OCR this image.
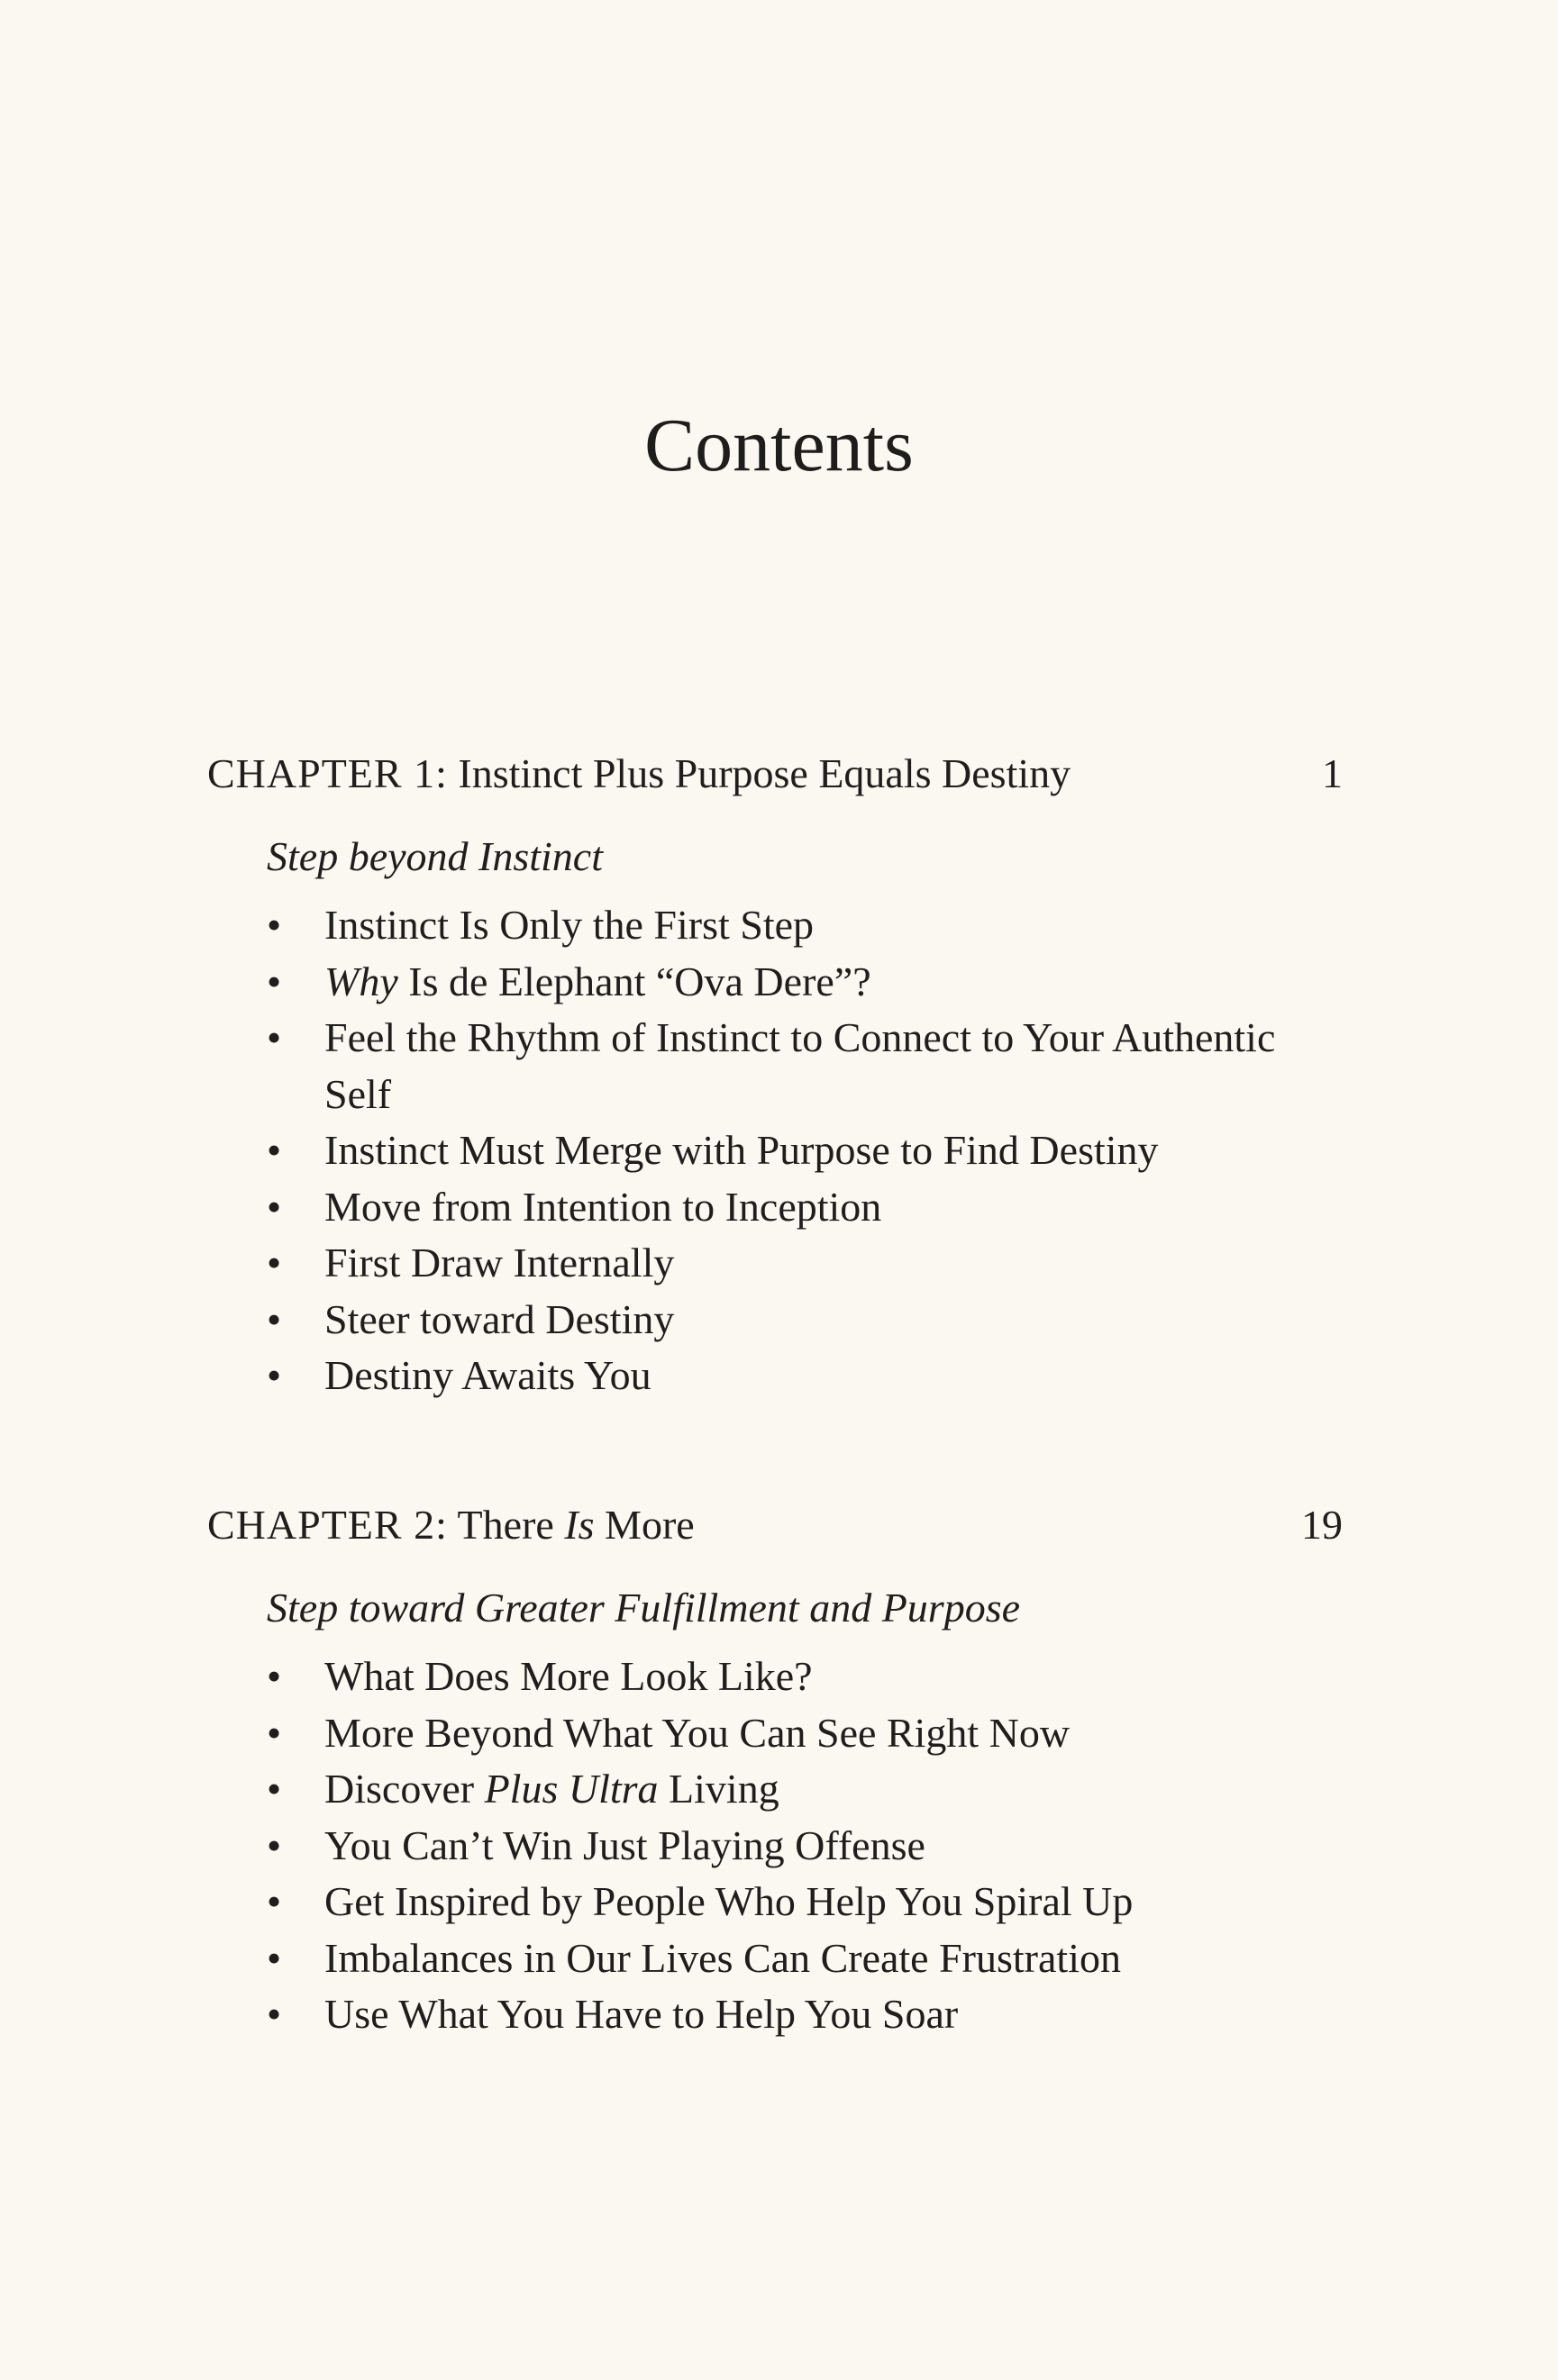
Contents
CHAPTER 1: Instinct Plus Purpose Equals Destiny	1
Step beyond Instinct
• Instinct Is Only the First Step
• Why Is de Elephant “Ova Dere”?
• Feel the Rhythm of Instinct to Connect to Your Authentic Self
• Instinct Must Merge with Purpose to Find Destiny
• Move from Intention to Inception
• First Draw Internally
• Steer toward Destiny
• Destiny Awaits You
CHAPTER 2: There Is More	19
Step toward Greater Fulfillment and Purpose
• What Does More Look Like?
• More Beyond What You Can See Right Now
• Discover Plus Ultra Living
• You Can’t Win Just Playing Offense
• Get Inspired by People Who Help You Spiral Up
• Imbalances in Our Lives Can Create Frustration
• Use What You Have to Help You Soar
